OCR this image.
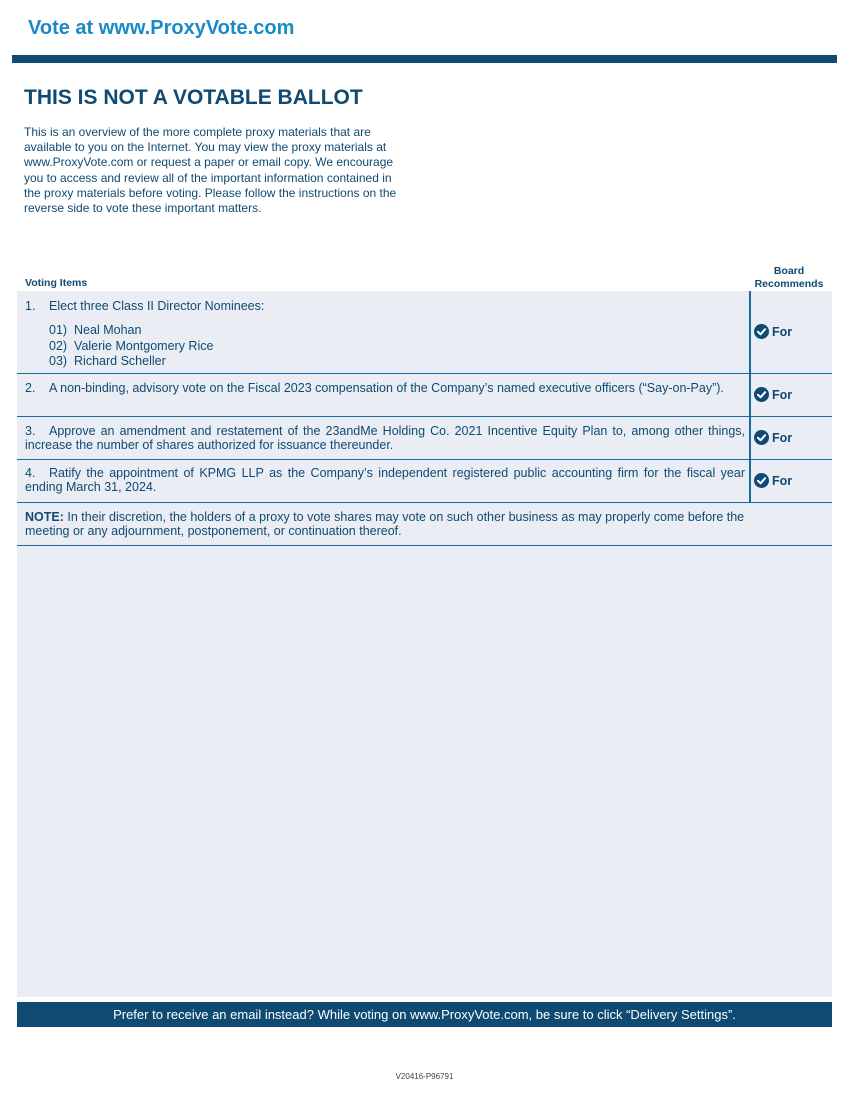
Vote at www.ProxyVote.com
THIS IS NOT A VOTABLE BALLOT

This is an overview of the more complete proxy materials that are available to you on the Internet. You may view the proxy materials at www.ProxyVote.com or request a paper or email copy. We encourage you to access and review all of the important information contained in the proxy materials before voting. Please follow the instructions on the reverse side to vote these important matters.

Voting Items
Board
Recommends
1. Elect three Class II Director Nominees:
01) Neal Mohan
02) Valerie Montgomery Rice
03) Richard Scheller
For
2. A non-binding, advisory vote on the Fiscal 2023 compensation of the Company’s named executive officers (“Say-on-Pay”).	For
3. Approve an amendment and restatement of the 23andMe Holding Co. 2021 Incentive Equity Plan to, among other things, increase the number of shares authorized for issuance thereunder.
For
4. Ratify the appointment of KPMG LLP as the Company’s independent registered public accounting firm for the fiscal year ending March 31, 2024.	For
NOTE: In their discretion, the holders of a proxy to vote shares may vote on such other business as may properly come before the meeting or any adjournment, postponement, or continuation thereof.
Prefer to receive an email instead? While voting on www.ProxyVote.com, be sure to click “Delivery Settings”.
V20416-P96791
